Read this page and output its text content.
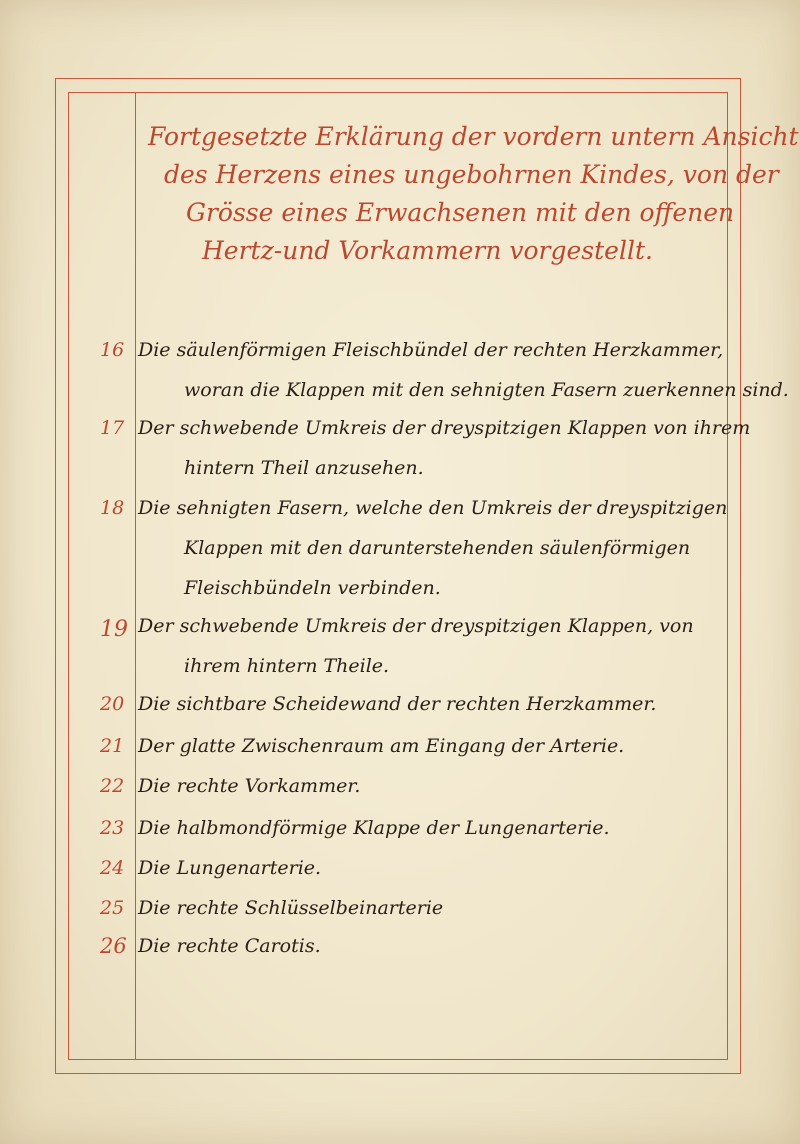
Fortgesetzte Erklärung der vordern untern Ansicht
des Herzens eines ungebohrnen Kindes, von der
Grösse eines Erwachsenen mit den offenen
Hertz-und Vorkammern vorgestellt.
16 Die säulenförmigen Fleischbündel der rechten Herzkammer,
woran die Klappen mit den sehnigten Fasern zuerkennen sind.
17 Der schwebende Umkreis der dreyspitzigen Klappen von ihrem
hintern Theil anzusehen.
18 Die sehnigten Fasern, welche den Umkreis der dreyspitzigen
Klappen mit den darunterstehenden säulenförmigen
Fleischbündeln verbinden.
19 Der schwebende Umkreis der dreyspitzigen Klappen, von
ihrem hintern Theile.
20 Die sichtbare Scheidewand der rechten Herzkammer.
21 Der glatte Zwischenraum am Eingang der Arterie.
22 Die rechte Vorkammer.
23 Die halbmondförmige Klappe der Lungenarterie.
24 Die Lungenarterie.
25 Die rechte Schlüsselbeinarterie
26 Die rechte Carotis.
